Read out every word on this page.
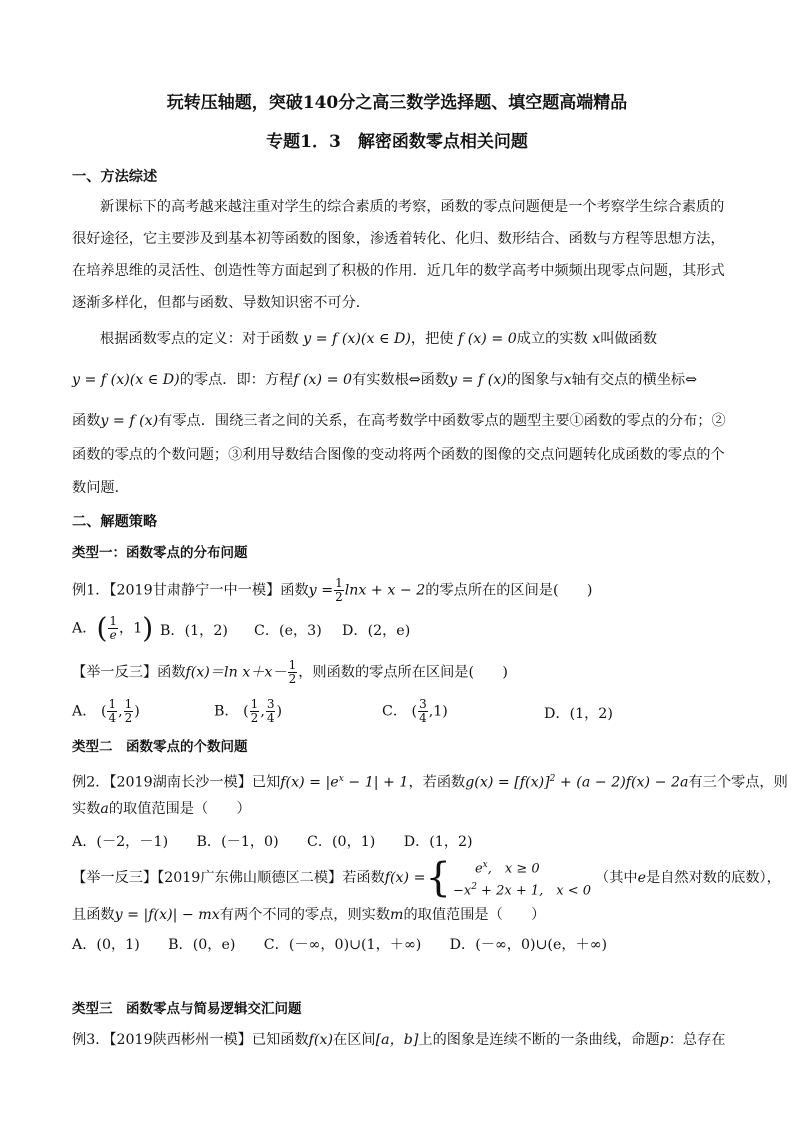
玩转压轴题，突破140分之高三数学选择题、填空题高端精品
专题1．3　解密函数零点相关问题
一、方法综述
新课标下的高考越来越注重对学生的综合素质的考察，函数的零点问题便是一个考察学生综合素质的
很好途径，它主要涉及到基本初等函数的图象，渗透着转化、化归、数形结合、函数与方程等思想方法，
在培养思维的灵活性、创造性等方面起到了积极的作用．近几年的数学高考中频频出现零点问题，其形式
逐渐多样化，但都与函数、导数知识密不可分．
根据函数零点的定义：对于函数 y = f (x)(x ∈ D)，把使 f (x) = 0成立的实数 x叫做函数
y = f (x)(x ∈ D)的零点．即：方程f (x) = 0有实数根⇔函数y = f (x)的图象与x轴有交点的横坐标⇔
函数y = f (x)有零点．围绕三者之间的关系，在高考数学中函数零点的题型主要①函数的零点的分布；②
函数的零点的个数问题；③利用导数结合图像的变动将两个函数的图像的交点问题转化成函数的零点的个
数问题．
二、解题策略
类型一：函数零点的分布问题
例1．【2019甘肃静宁一中一模】函数$y = \frac{1}{2}$ lnx + x − 2的零点所在的区间是(　　)
A．( $\frac{1}{e}$ ，1) B．(1，2) C．(e，3) D．(2，e)
【举一反三】函数f(x)＝ln $x+x- \frac{1}{2}$ ，则函数的零点所在区间是(　　)
A． ( $\frac{1}{4}$ , $\frac{1}{2}$ )	B． ( $\frac{1}{2}$ , $\frac{3}{4}$ )	C． ( $\frac{3}{4} ,1$)	D．(1，2)
类型二　函数零点的个数问题
例2．【2019湖南长沙一模】已知$f(x) = |e^x - 1| + 1$，若函数$g(x) = [f(x)]^2 + (a - 2)f(x) - 2a$有三个零点，则
实数a的取值范围是（　　）
A．(－2，－1)　　B．(－1，0)　　C．(0，1)　　D．(1，2)
【举一反三】【2019广东佛山顺德区二模】若函数 f(x) = {	$e^x$,　x ≥ 0
$-x^2 + 2x + 1$,　x < 0
（其中 e 是自然对数的底数），
且函数y = |f(x)| − mx有两个不同的零点，则实数m的取值范围是（　　）
A．(0，1)　　B．(0，e)　　C．(－∞，0)∪(1，＋∞)　　D．(－∞，0)∪(e，＋∞)
类型三　函数零点与简易逻辑交汇问题
例3．【2019陕西彬州一模】已知函数f(x)在区间[a，b]上的图象是连续不断的一条曲线，命题p：总存在
